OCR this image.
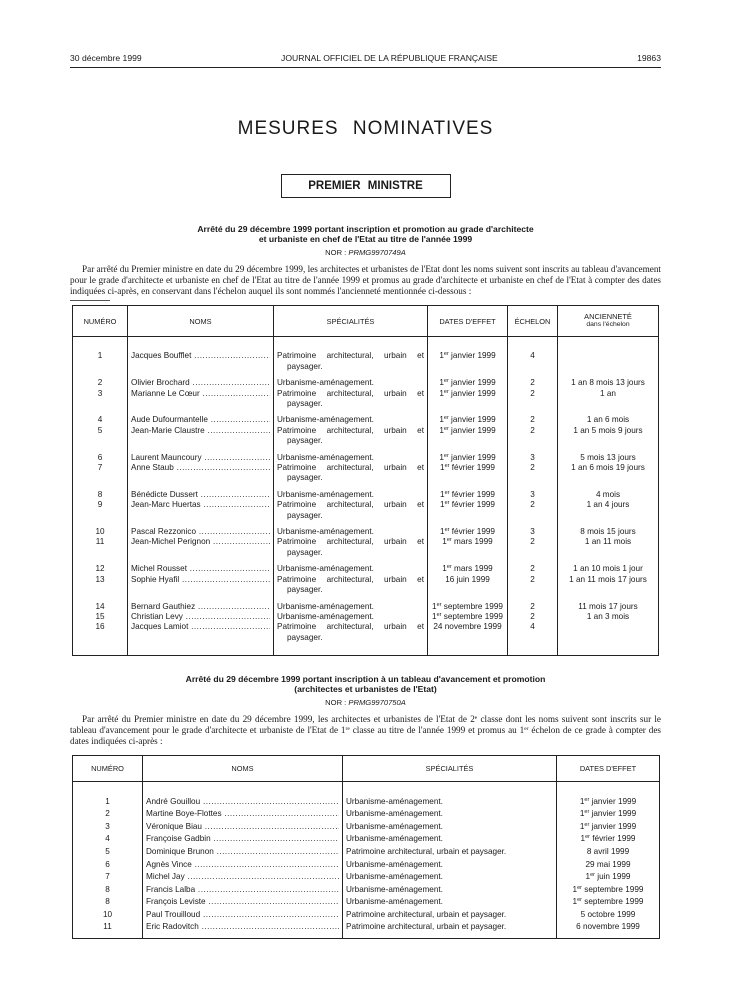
30 décembre 1999	JOURNAL OFFICIEL DE LA RÉPUBLIQUE FRANÇAISE	19863
MESURES NOMINATIVES
PREMIER MINISTRE
Arrêté du 29 décembre 1999 portant inscription et promotion au grade d'architecte
et urbaniste en chef de l'Etat au titre de l'année 1999
NOR : PRMG9970749A
Par arrêté du Premier ministre en date du 29 décembre 1999, les architectes et urbanistes de l'Etat dont les noms suivent sont inscrits au tableau d'avancement pour le grade d'architecte et urbaniste en chef de l'Etat au titre de l'année 1999 et promus au grade d'architecte et urbaniste en chef de l'Etat à compter des dates indiquées ci-après, en conservant dans l'échelon auquel ils sont nommés l'ancienneté mentionnée ci-dessous :
NUMÉRO	NOMS	SPÉCIALITÉS	DATES D'EFFET	ÉCHELON	ANCIENNETÉ
dans l'échelon

1	Jacques Boufflet .....	Patrimoine architectural, urbain et
paysager.	1er janvier 1999	4	
2	Olivier Brochard .....	Urbanisme-aménagement.	1er janvier 1999	2	1 an 8 mois 13 jours
3	Marianne Le Cœur .....	Patrimoine architectural, urbain et
paysager.	1er janvier 1999	2	1 an
4	Aude Dufourmantelle .....	Urbanisme-aménagement.	1er janvier 1999	2	1 an 6 mois
5	Jean-Marie Claustre .....	Patrimoine architectural, urbain et
paysager.	1er janvier 1999	2	1 an 5 mois 9 jours
6	Laurent Mauncoury .....	Urbanisme-aménagement.	1er janvier 1999	3	5 mois 13 jours
7	Anne Staub .....	Patrimoine architectural, urbain et
paysager.	1er février 1999	2	1 an 6 mois 19 jours
8	Bénédicte Dussert .....	Urbanisme-aménagement.	1er février 1999	3	4 mois
9	Jean-Marc Huertas .....	Patrimoine architectural, urbain et
paysager.	1er février 1999	2	1 an 4 jours
10	Pascal Rezzonico .....	Urbanisme-aménagement.	1er février 1999	3	8 mois 15 jours
11	Jean-Michel Perignon .....	Patrimoine architectural, urbain et
paysager.	1er mars 1999	2	1 an 11 mois
12	Michel Rousset .....	Urbanisme-aménagement.	1er mars 1999	2	1 an 10 mois 1 jour
13	Sophie Hyafil .....	Patrimoine architectural, urbain et
paysager.	16 juin 1999	2	1 an 11 mois 17 jours
14	Bernard Gauthiez .....	Urbanisme-aménagement.	1er septembre 1999	2	11 mois 17 jours
15	Christian Levy .....	Urbanisme-aménagement.	1er septembre 1999	2	1 an 3 mois
16	Jacques Lamiot .....	Patrimoine architectural, urbain et
paysager.	24 novembre 1999	4	

Arrêté du 29 décembre 1999 portant inscription à un tableau d'avancement et promotion
(architectes et urbanistes de l'Etat)
NOR : PRMG9970750A
Par arrêté du Premier ministre en date du 29 décembre 1999, les architectes et urbanistes de l'Etat de 2e classe dont les noms suivent sont inscrits sur le tableau d'avancement pour le grade d'architecte et urbaniste de l'Etat de 1re classe au titre de l'année 1999 et promus au 1er échelon de ce grade à compter des dates indiquées ci-après :
NUMÉRO	NOMS	SPÉCIALITÉS	DATES D'EFFET

1	André Gouillou .....	Urbanisme-aménagement.	1er janvier 1999
2	Martine Boye-Flottes .....	Urbanisme-aménagement.	1er janvier 1999
3	Véronique Biau .....	Urbanisme-aménagement.	1er janvier 1999
4	Françoise Gadbin .....	Urbanisme-aménagement.	1er février 1999
5	Dominique Brunon .....	Patrimoine architectural, urbain et paysager.	8 avril 1999
6	Agnès Vince .....	Urbanisme-aménagement.	29 mai 1999
7	Michel Jay .....	Urbanisme-aménagement.	1er juin 1999
8	Francis Lalba .....	Urbanisme-aménagement.	1er septembre 1999
8	François Leviste .....	Urbanisme-aménagement.	1er septembre 1999
10	Paul Trouilloud .....	Patrimoine architectural, urbain et paysager.	5 octobre 1999
11	Eric Radovitch .....	Patrimoine architectural, urbain et paysager.	6 novembre 1999
